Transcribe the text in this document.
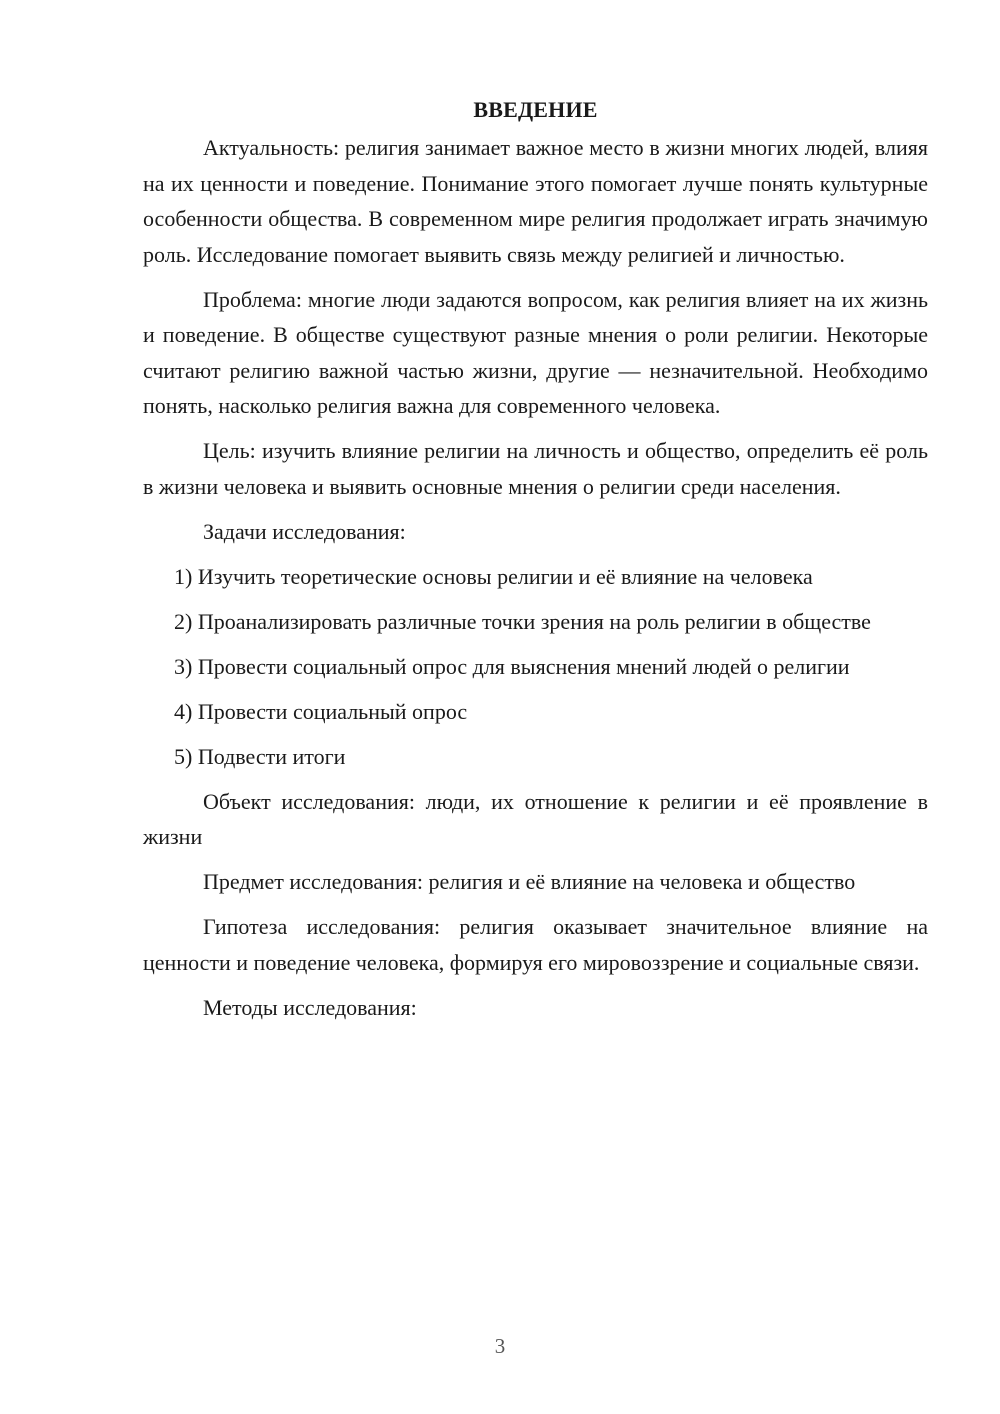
ВВЕДЕНИЕ

Актуальность: религия занимает важное место в жизни многих людей, влияя на их ценности и поведение. Понимание этого помогает лучше понять культурные особенности общества. В современном мире религия продолжает играть значимую роль. Исследование помогает выявить связь между религией и личностью.

Проблема: многие люди задаются вопросом, как религия влияет на их жизнь и поведение. В обществе существуют разные мнения о роли религии. Некоторые считают религию важной частью жизни, другие — незначительной. Необходимо понять, насколько религия важна для современного человека.

Цель: изучить влияние религии на личность и общество, определить её роль в жизни человека и выявить основные мнения о религии среди населения.

Задачи исследования:

1) Изучить теоретические основы религии и её влияние на человека

2) Проанализировать различные точки зрения на роль религии в обществе

3) Провести социальный опрос для выяснения мнений людей о религии

4) Провести социальный опрос

5) Подвести итоги

Объект исследования: люди, их отношение к религии и её проявление в жизни

Предмет исследования: религия и её влияние на человека и общество

Гипотеза исследования: религия оказывает значительное влияние на ценности и поведение человека, формируя его мировоззрение и социальные связи.

Методы исследования:

3
